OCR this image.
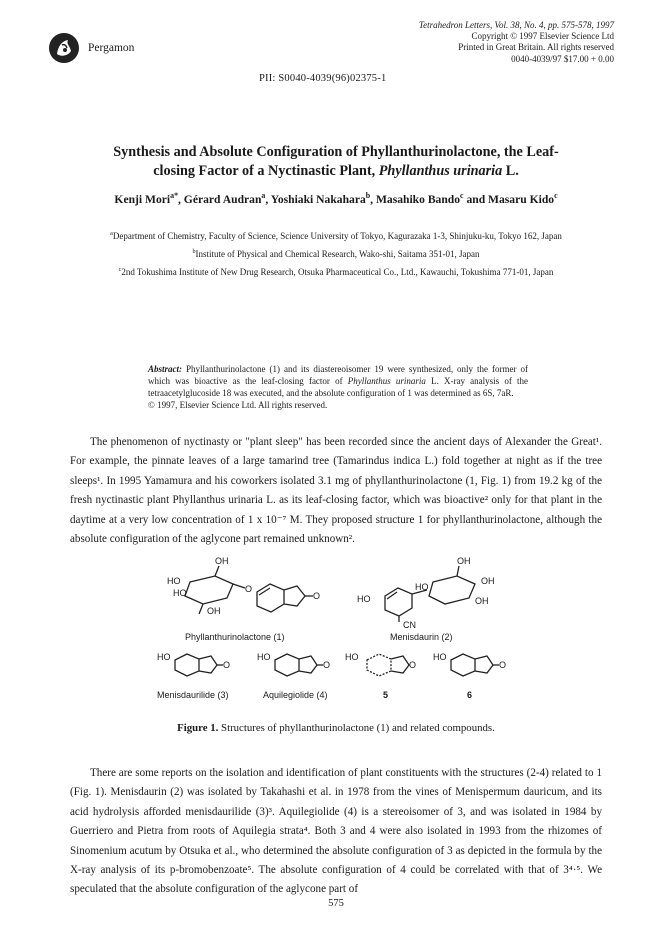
Pergamon
Tetrahedron Letters, Vol. 38, No. 4, pp. 575-578, 1997
Copyright © 1997 Elsevier Science Ltd
Printed in Great Britain. All rights reserved
0040-4039/97 $17.00 + 0.00
PII: S0040-4039(96)02375-1
Synthesis and Absolute Configuration of Phyllanthurinolactone, the Leaf-
closing Factor of a Nyctinastic Plant, Phyllanthus urinaria L.
Kenji Mori$^{a*}$, Gérard Audran$^a$, Yoshiaki Nakahara$^b$, Masahiko Bando$^c$ and Masaru Kido$^c$
$^a$Department of Chemistry, Faculty of Science, Science University of Tokyo, Kagurazaka 1-3, Shinjuku-ku, Tokyo 162, Japan
$^b$Institute of Physical and Chemical Research, Wako-shi, Saitama 351-01, Japan
$^c$2nd Tokushima Institute of New Drug Research, Otsuka Pharmaceutical Co., Ltd., Kawauchi, Tokushima 771-01, Japan
Abstract: Phyllanthurinolactone (1) and its diastereoisomer 19 were synthesized, only the former of which was bioactive as the leaf-closing factor of Phyllanthus urinaria L. X-ray analysis of the tetraacetylglucoside 18 was executed, and the absolute configuration of 1 was determined as 6S, 7aR.
© 1997, Elsevier Science Ltd. All rights reserved.
The phenomenon of nyctinasty or "plant sleep" has been recorded since the ancient days of Alexander the Great¹. For example, the pinnate leaves of a large tamarind tree (Tamarindus indica L.) fold together at night as if the tree sleeps¹. In 1995 Yamamura and his coworkers isolated 3.1 mg of phyllanthurinolactone (1, Fig. 1) from 19.2 kg of the fresh nyctinastic plant Phyllanthus urinaria L. as its leaf-closing factor, which was bioactive² only for that plant in the daytime at a very low concentration of 1 x 10⁻⁷ M. They proposed structure 1 for phyllanthurinolactone, although the absolute configuration of the aglycone part remained unknown².
OH
HO
HO
OH
O
O
Phyllanthurinolactone (1)
HO
HO
OH
OH
OH
CN
Menisdaurin (2)
HO
O
HO
O
HO
O
HO
O
Menisdaurilide (3)	Aquilegiolide (4)	5	6
Figure 1. Structures of phyllanthurinolactone (1) and related compounds.
There are some reports on the isolation and identification of plant constituents with the structures (2-4) related to 1 (Fig. 1). Menisdaurin (2) was isolated by Takahashi et al. in 1978 from the vines of Menispermum dauricum, and its acid hydrolysis afforded menisdaurilide (3)³. Aquilegiolide (4) is a stereoisomer of 3, and was isolated in 1984 by Guerriero and Pietra from roots of Aquilegia strata⁴. Both 3 and 4 were also isolated in 1993 from the rhizomes of Sinomenium acutum by Otsuka et al., who determined the absolute configuration of 3 as depicted in the formula by the X-ray analysis of its p-bromobenzoate⁵. The absolute configuration of 4 could be correlated with that of 3⁴·⁵. We speculated that the absolute configuration of the aglycone part of
575
